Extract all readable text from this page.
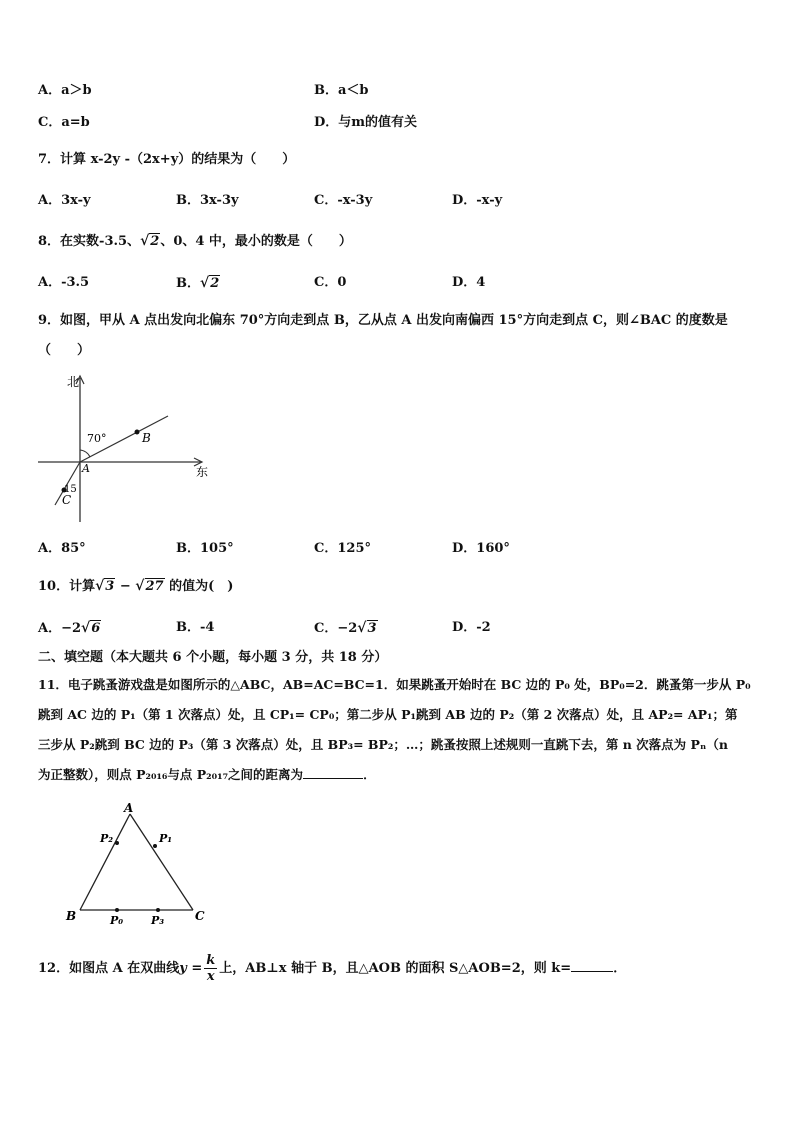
A．a＞b	B．a＜b
C．a=b	D．与m的值有关
7．计算 x-2y -（2x+y）的结果为（　　）
A．3x-y	B．3x-3y	C．-x-3y	D．-x-y
8．在实数-3.5、√2、0、4 中，最小的数是（　　）
A．-3.5	B．√2	C．0	D．4
9．如图，甲从 A 点出发向北偏东 70°方向走到点 B，乙从点 A 出发向南偏西 15°方向走到点 C，则∠BAC 的度数是
（　　）
北
东
70°
15
A
B
C
A．85°	B．105°	C．125°	D．160°
10．计算√3 − √27 的值为(　)
A．−2√6	B．-4	C．−2√3	D．-2
二、填空题（本大题共 6 个小题，每小题 3 分，共 18 分）
11．电子跳蚤游戏盘是如图所示的△ABC，AB=AC=BC=1．如果跳蚤开始时在 BC 边的 P₀ 处，BP₀=2．跳蚤第一步从 P₀
跳到 AC 边的 P₁（第 1 次落点）处，且 CP₁= CP₀；第二步从 P₁跳到 AB 边的 P₂（第 2 次落点）处，且 AP₂= AP₁；第
三步从 P₂跳到 BC 边的 P₃（第 3 次落点）处，且 BP₃= BP₂；…；跳蚤按照上述规则一直跳下去，第 n 次落点为 Pₙ（n
为正整数），则点 P₂₀₁₆与点 P₂₀₁₇之间的距离为	．
A
B	C
P₂	P₁
P₀	P₃
12．如图点 A 在双曲线$y = \frac{k}{x}$ 上，AB⊥x 轴于 B，且△AOB 的面积 S△AOB=2，则 k=	．
